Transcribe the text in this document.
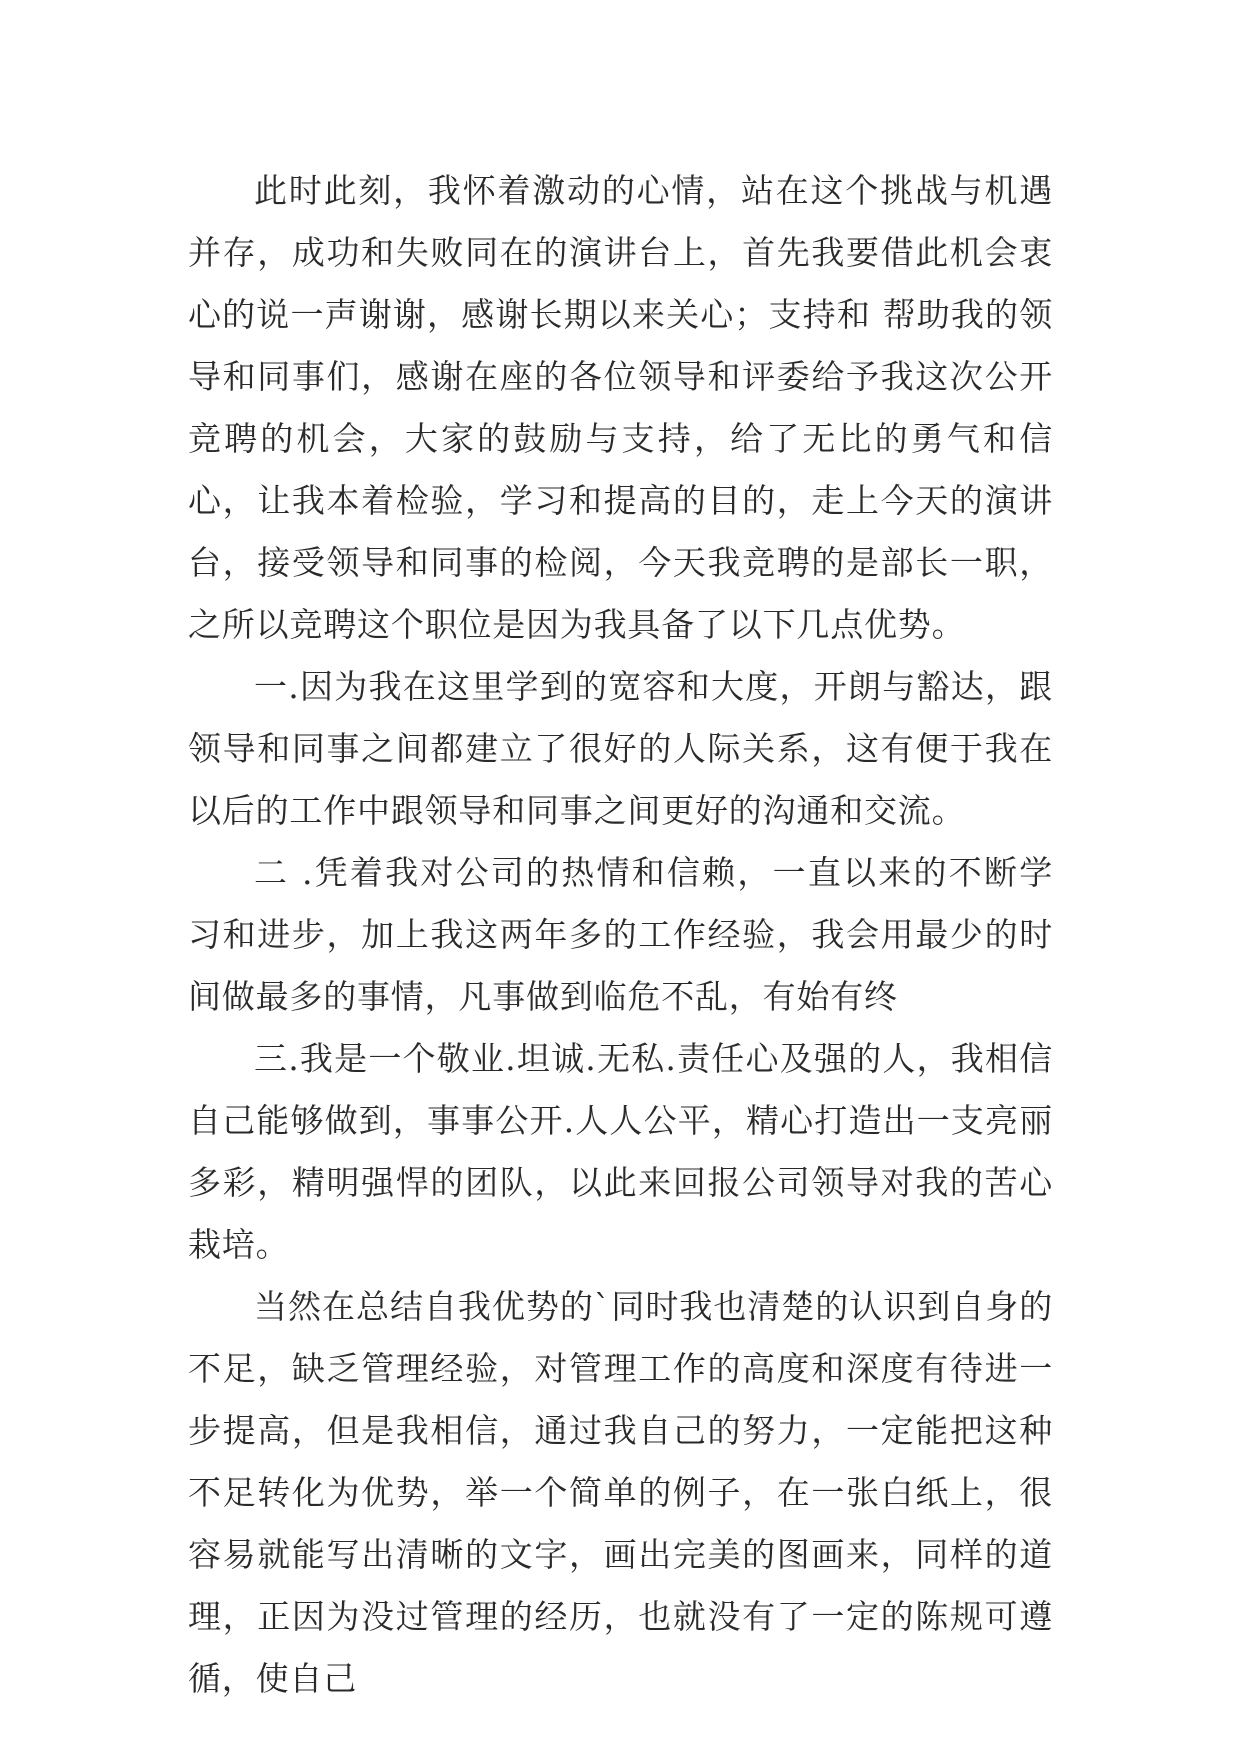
此时此刻，我怀着激动的心情，站在这个挑战与机遇并存，成功和失败同在的演讲台上，首先我要借此机会衷心的说一声谢谢，感谢长期以来关心；支持和 帮助我的领导和同事们，感谢在座的各位领导和评委给予我这次公开竞聘的机会，大家的鼓励与支持，给了无比的勇气和信心，让我本着检验，学习和提高的目的，走上今天的演讲台，接受领导和同事的检阅，今天我竞聘的是部长一职，之所以竞聘这个职位是因为我具备了以下几点优势。

一.因为我在这里学到的宽容和大度，开朗与豁达，跟领导和同事之间都建立了很好的人际关系，这有便于我在以后的工作中跟领导和同事之间更好的沟通和交流。

二 .凭着我对公司的热情和信赖，一直以来的不断学习和进步，加上我这两年多的工作经验，我会用最少的时间做最多的事情，凡事做到临危不乱，有始有终

三.我是一个敬业.坦诚.无私.责任心及强的人，我相信自己能够做到，事事公开.人人公平，精心打造出一支亮丽多彩，精明强悍的团队，以此来回报公司领导对我的苦心栽培。

当然在总结自我优势的`同时我也清楚的认识到自身的不足，缺乏管理经验，对管理工作的高度和深度有待进一步提高，但是我相信，通过我自己的努力，一定能把这种不足转化为优势，举一个简单的例子，在一张白纸上，很容易就能写出清晰的文字，画出完美的图画来，同样的道理，正因为没过管理的经历，也就没有了一定的陈规可遵循，使自己
